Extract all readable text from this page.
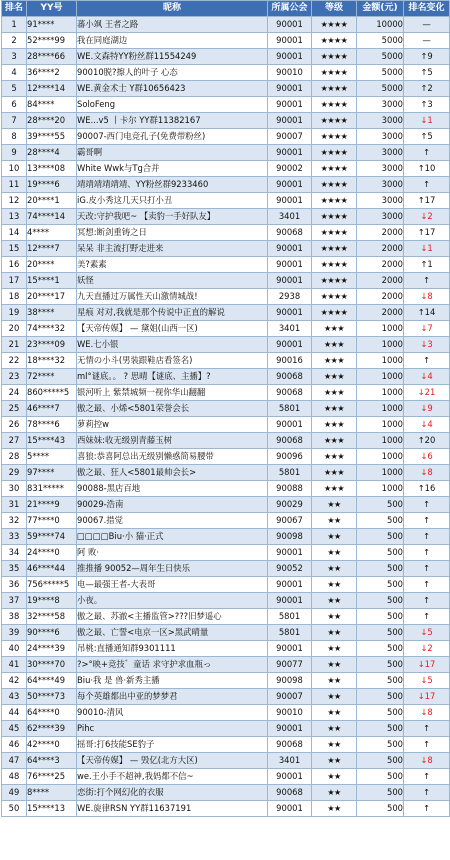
排名	YY号	昵称	所属公会	等级	金额(元)	排名变化
1	91****	蕃小飒 王者之路	90001	★★★★	10000	—
2	52****99	我在同庭湖边	90001	★★★★	5000	—
3	28****66	WE.文森特YY粉丝群11554249	90001	★★★★	5000	↑9
4	36****2	90010脱?擦人的叶子 心态	90010	★★★★	5000	↑5
5	12****14	WE.黄金术士 Y群10656423	90001	★★★★	5000	↑2
6	84****	SoloFeng	90001	★★★★	3000	↑3
7	28****20	WE...v5 丨卡尔 YY群11382167	90001	★★★★	3000	↓1
8	39****55	90007-西门电竞孔子(免费带粉丝)	90007	★★★★	3000	↑5
9	28****4	霸哥啊	90001	★★★★	3000	↑
10	13****08	White Wwk与Tg合并	90002	★★★★	3000	↑10
11	19****6	靖靖靖靖靖靖、YY粉丝群9233460	90001	★★★★	3000	↑
12	20****1	iG.皮小秀这几天只打小丑	90001	★★★★	3000	↑17
13	74****14	天改:守护我吧~ 【卖豹一手好队友】	3401	★★★★	3000	↓2
14	4****	冥想:断剑重铸之日	90068	★★★★	2000	↑17
15	12****7	呆呆 非主流打野走进来	90001	★★★★	2000	↓1
16	20****	美?素素	90001	★★★★	2000	↑1
17	15****1	妖怪	90001	★★★★	2000	↑
18	20****17	九天直播过万属性天山激情城战!	2938	★★★★	2000	↓8
19	38****	星痕 对对,我就是那个传说中正直的解说	90001	★★★★	2000	↑14
20	74****32	【天帝传媒】 — 黛姐(山西一区)	3401	★★★	1000	↓7
21	23****09	WE.七小银	90001	★★★	1000	↓3
22	18****32	无情の小斗(男装跟鞋店看签名)	90016	★★★	1000	↑
23	72****	ml°谜底。。 ? 思晴【谜底、主播】?	90068	★★★	1000	↓4
24	860*****5	银河听上 紫禁城频一视你华山翻翻	90068	★★★	1000	↓21
25	46****7	傲之最、小烯<5801荣誉会长	5801	★★★	1000	↓9
26	78****6	萝莉控w	90001	★★★	1000	↓4
27	15****43	西妹妹:收无级别青藤玉树	90068	★★★	1000	↑20
28	5****	喜狼:恭喜阿总出无级别懒惑简易腰带	90096	★★★	1000	↓6
29	97****	傲之最、狂人<5801最帅会长>	5801	★★★	1000	↓8
30	831*****	90088-黑店百地	90088	★★★	1000	↑16
31	21****9	90029-浩南	90029	★★	500	↑
32	77****0	90067.措觉	90067	★★	500	↑
33	59****74	□□□□Biu·小 猫·正式	90098	★★	500	↑
34	24****0	阿 败·	90001	★★	500	↑
35	46****44	推推播 90052—周年生日快乐	90052	★★	500	↑
36	756*****5	电—最强王者-大表哥	90001	★★	500	↑
37	19****8	小夜。	90001	★★	500	↑
38	32****58	傲之最、苏澈<主播监管>???旧梦遥心	5801	★★	500	↑
39	90****6	傲之最、亡誓<电京一区>黑武晴量	5801	★★	500	↓5
40	24****39	吊桃:直播通知群9301111	90001	★★	500	↓2
41	30****70	?>°映+竞技゛童话 求守护求血瓶っ	90077	★★	500	↓17
42	64****49	Biu·我 是 兽·新秀主播	90098	★★	500	↓5
43	50****73	每个英雄都出中亚的梦梦君	90007	★★	500	↓17
44	64****0	90010-清风	90010	★★	500	↓8
45	62****39	Pihc	90001	★★	500	↑
46	42****0	摇哥:打6技能SE豹子	90068	★★	500	↑
47	64****3	【天帝传媒】 — 毁亿(北方大区)	3401	★★	500	↓8
48	76****25	we.王小手不超神,我妈都不信~	90001	★★	500	↑
49	8****	恋街:打个网幻化的衣服	90068	★★	500	↑
50	15****13	WE.旋律RSN YY群11637191	90001	★★	500	↑
